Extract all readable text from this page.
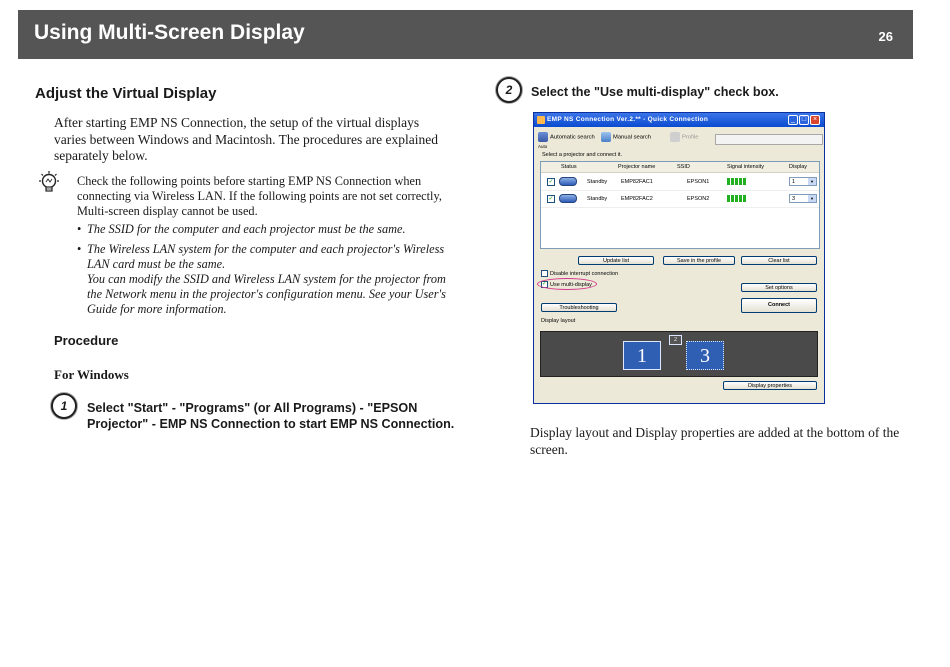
Using Multi-Screen Display	26
Adjust the Virtual Display
After starting EMP NS Connection, the setup of the virtual displays varies between Windows and Macintosh. The procedures are explained separately below.
Check the following points before starting EMP NS Connection when connecting via Wireless LAN. If the following points are not set correctly, Multi-screen display cannot be used.
• The SSID for the computer and each projector must be the same.
• The Wireless LAN system for the computer and each projector's Wireless LAN card must be the same.
You can modify the SSID and Wireless LAN system for the projector from the Network menu in the projector's configuration menu. See your User's Guide for more information.
Procedure
For Windows
1	Select "Start" - "Programs" (or All Programs) - "EPSON Projector" - EMP NS Connection to start EMP NS Connection.
2	Select the "Use multi-display" check box.
EMP NS Connection Ver.2.** - Quick Connection	_ □ ×
Automatic search	Manual search	Profile
Auto
Select a projector and connect it.
Status	Projector name	SSID	Signal intensity	Display
✓	Standby	EMP82FAC1	EPSON1	1	▼
✓	Standby	EMP82FAC2	EPSON2	3	▼
Update list	Save in the profile	Clear list
Disable interrupt connection
✓ Use multi-display
Set options
Connect
Troubleshooting
Display layout
1
2
3
Display properties
Display layout and Display properties are added at the bottom of the screen.
